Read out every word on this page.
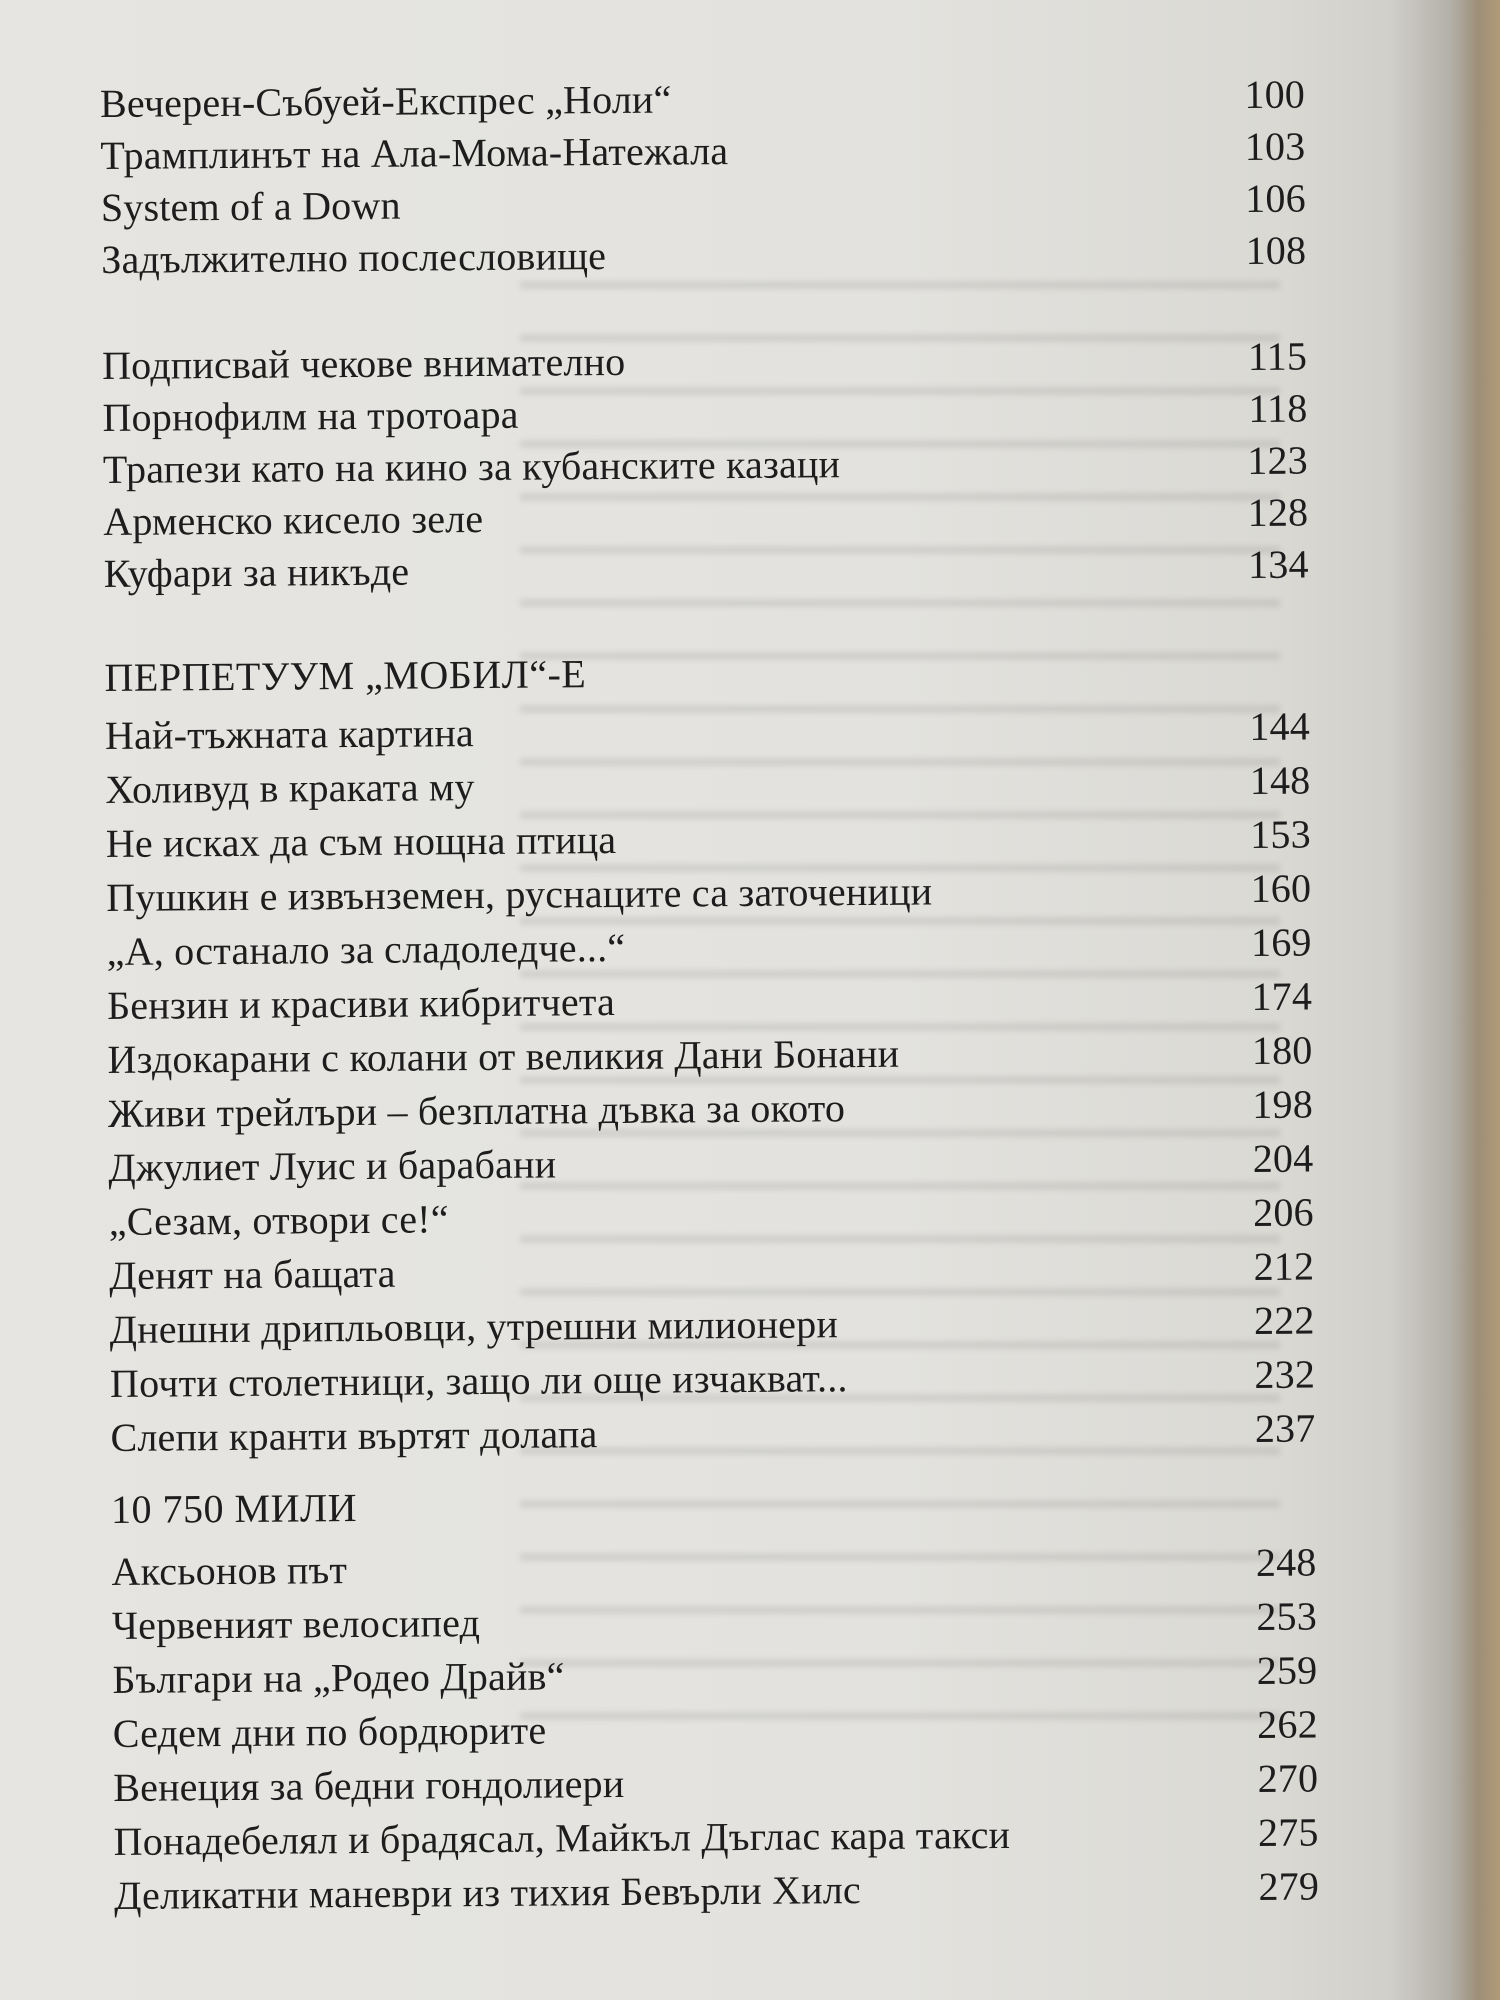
Вечерен-Събуей-Експрес „Ноли“	100
Трамплинът на Ала-Мома-Натежала	103
System of a Down	106
Задължително послесловище	108
Подписвай чекове внимателно	115
Порнофилм на тротоара	118
Трапези като на кино за кубанските казаци	123
Арменско кисело зеле	128
Куфари за никъде	134
ПЕРПЕТУУМ „МОБИЛ“-Е
Най-тъжната картина	144
Холивуд в краката му	148
Не исках да съм нощна птица	153
Пушкин е извънземен, руснаците са заточеници	160
„А, останало за сладоледче...“	169
Бензин и красиви кибритчета	174
Издокарани с колани от великия Дани Бонани	180
Живи трейлъри – безплатна дъвка за окото	198
Джулиет Луис и барабани	204
„Сезам, отвори се!“	206
Денят на бащата	212
Днешни дрипльовци, утрешни милионери	222
Почти столетници, защо ли още изчакват...	232
Слепи кранти въртят долапа	237
10 750 МИЛИ
Аксьонов път	248
Червеният велосипед	253
Българи на „Родео Драйв“	259
Седем дни по бордюрите	262
Венеция за бедни гондолиери	270
Понадебелял и брадясал, Майкъл Дъглас кара такси	275
Деликатни маневри из тихия Бевърли Хилс	279
